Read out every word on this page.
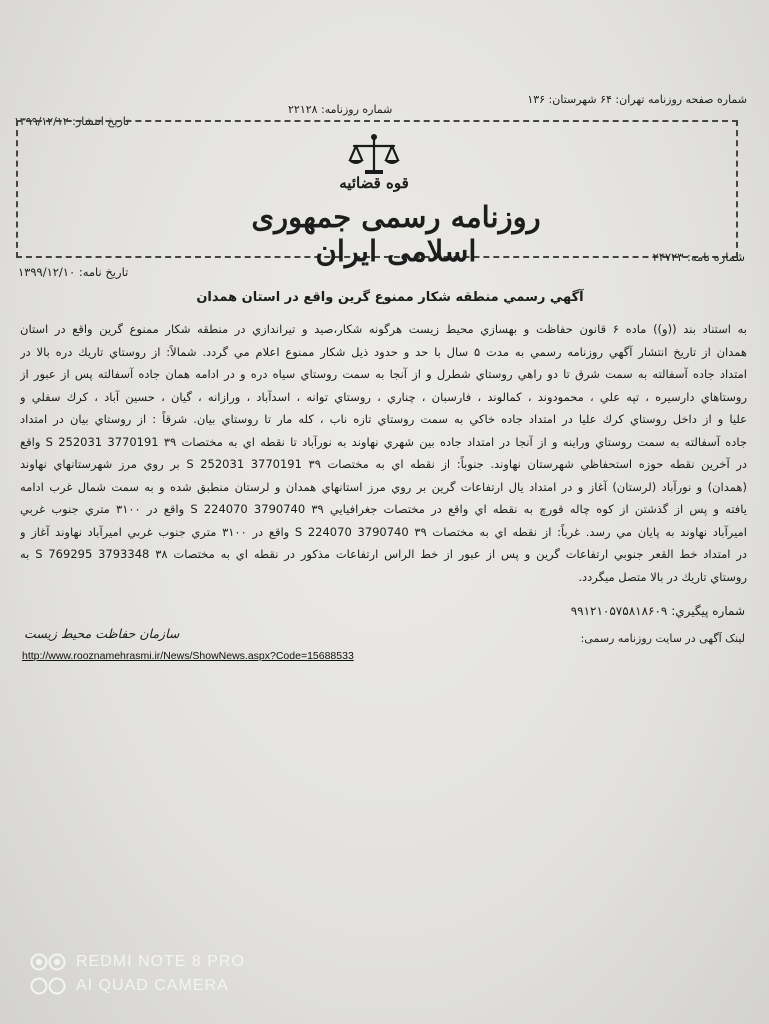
شماره صفحه روزنامه تهران: ۶۴ شهرستان: ۱۳۶
شماره روزنامه: ۲۲۱۲۸
تاریخ انتشار: ۱۳۹۹/۱۲/۱۲
قوه قضائیه
روزنامه رسمی جمهوری اسلامی ایران	شماره نامه: ۲۴۷۲۳
تاریخ نامه: ۱۳۹۹/۱۲/۱۰
آگهي رسمي منطقه شكار ممنوع گرين واقع در استان همدان
به استناد بند ((و)) ماده ۶ قانون حفاظت و بهسازي محيط زيست هرگونه شكار،صيد و تيراندازي در منطقه شكار ممنوع گرين واقع در استان
همدان از تاريخ انتشار آگهي روزنامه رسمي به مدت ۵ سال با حد و حدود ذيل شكار ممنوع اعلام مي گردد. شمالاً: از روستاي تاريك دره بالا در
امتداد جاده آسفالته به سمت شرق تا دو راهي روستاي شطرل و از آنجا به سمت روستاي سياه دره و در ادامه همان جاده آسفالته پس از عبور از
روستاهاي دارسيره ، تپه علي ، محمودوند ، كمالوند ، فارسبان ، چناري ، روستاي توانه ، اسدآباد ، ورازانه ، گيان ، حسين آباد ، كرك سفلي و
عليا و از داخل روستاي كرك عليا در امتداد جاده خاكي به سمت روستاي تازه ناب ، كله مار تا روستاي بيان. شرقاً : از روستاي بيان در امتداد
جاده آسفالته به سمت روستاي وراينه و از آنجا در امتداد جاده بين شهري نهاوند به نورآباد تا نقطه اي به مختصات ۳۹ S 252031 3770191 واقع
در آخرين نقطه حوزه استحفاظي شهرستان نهاوند. جنوباً: از نقطه اي به مختصات ۳۹ S 252031 3770191 بر روي مرز شهرستانهاي نهاوند
(همدان) و نورآباد (لرستان) آغاز و در امتداد يال ارتفاعات گرين بر روي مرز استانهاي همدان و لرستان منطبق شده و به سمت شمال غرب ادامه
يافته و پس از گذشتن از كوه چاله قورچ به نقطه اي واقع در مختصات جغرافيايي ۳۹ S 224070 3790740 واقع در ۳۱۰۰ متري جنوب غربي
اميرآباد نهاوند به پايان مي رسد. غرباً: از نقطه اي به مختصات ۳۹ S 224070 3790740 واقع در ۳۱۰۰ متري جنوب غربي اميرآباد نهاوند آغاز و
در امتداد خط القعر جنوبي ارتفاعات گرين و پس از عبور از خط الراس ارتفاعات مذكور در نقطه اي به مختصات ۳۸ S 769295 3793348 به
روستاي تاريك در بالا متصل ميگردد.
شماره پيگيري: ۹۹۱۲۱۰۵۷۵۸۱۸۶۰۹
لینک آگهی در سایت روزنامه رسمی:
سازمان حفاظت محيط زيست
http://www.rooznamehrasmi.ir/News/ShowNews.aspx?Code=15688533
REDMI NOTE 8 PRO
AI QUAD CAMERA
